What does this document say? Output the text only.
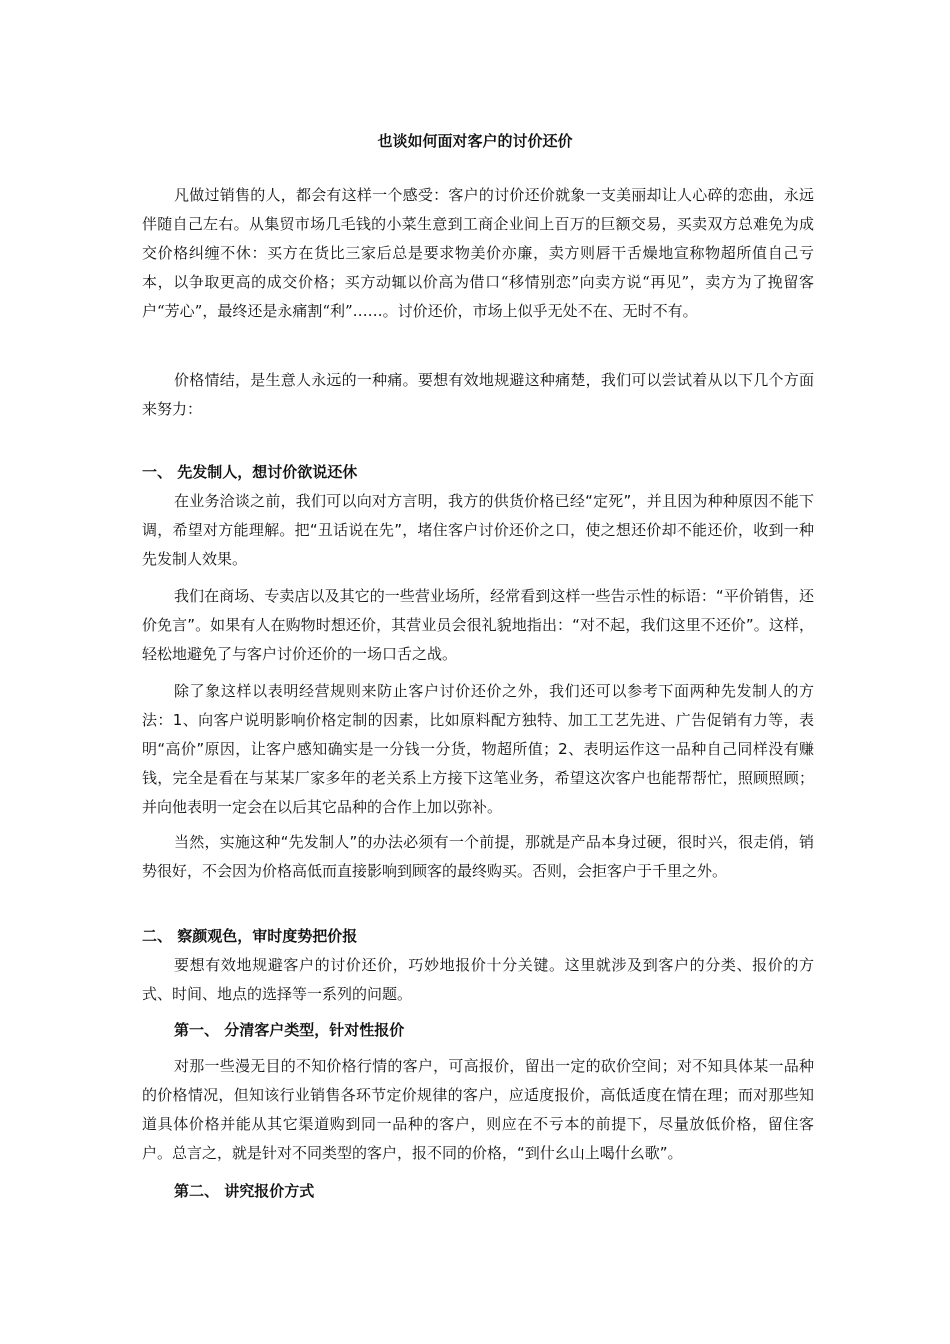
也谈如何面对客户的讨价还价

凡做过销售的人，都会有这样一个感受：客户的讨价还价就象一支美丽却让人心碎的恋曲，永远伴随自己左右。从集贸市场几毛钱的小菜生意到工商企业间上百万的巨额交易，买卖双方总难免为成交价格纠缠不休：买方在货比三家后总是要求物美价亦廉，卖方则唇干舌燥地宣称物超所值自己亏本，以争取更高的成交价格；买方动辄以价高为借口“移情别恋”向卖方说“再见”，卖方为了挽留客户“芳心”，最终还是永痛割“利”……。讨价还价，市场上似乎无处不在、无时不有。

价格情结，是生意人永远的一种痛。要想有效地规避这种痛楚，我们可以尝试着从以下几个方面来努力：

一、 先发制人，想讨价欲说还休

在业务洽谈之前，我们可以向对方言明，我方的供货价格已经“定死”，并且因为种种原因不能下调，希望对方能理解。把“丑话说在先”，堵住客户讨价还价之口，使之想还价却不能还价，收到一种先发制人效果。

我们在商场、专卖店以及其它的一些营业场所，经常看到这样一些告示性的标语：“平价销售，还价免言”。如果有人在购物时想还价，其营业员会很礼貌地指出：“对不起，我们这里不还价”。这样，轻松地避免了与客户讨价还价的一场口舌之战。

除了象这样以表明经营规则来防止客户讨价还价之外，我们还可以参考下面两种先发制人的方法：1、向客户说明影响价格定制的因素，比如原料配方独特、加工工艺先进、广告促销有力等，表明“高价”原因，让客户感知确实是一分钱一分货，物超所值；2、表明运作这一品种自己同样没有赚钱，完全是看在与某某厂家多年的老关系上方接下这笔业务，希望这次客户也能帮帮忙，照顾照顾；并向他表明一定会在以后其它品种的合作上加以弥补。

当然，实施这种“先发制人”的办法必须有一个前提，那就是产品本身过硬，很时兴，很走俏，销势很好，不会因为价格高低而直接影响到顾客的最终购买。否则，会拒客户于千里之外。

二、 察颜观色，审时度势把价报

要想有效地规避客户的讨价还价，巧妙地报价十分关键。这里就涉及到客户的分类、报价的方式、时间、地点的选择等一系列的问题。

第一、 分清客户类型，针对性报价

对那一些漫无目的不知价格行情的客户，可高报价，留出一定的砍价空间；对不知具体某一品种的价格情况，但知该行业销售各环节定价规律的客户，应适度报价，高低适度在情在理；而对那些知道具体价格并能从其它渠道购到同一品种的客户，则应在不亏本的前提下，尽量放低价格，留住客户。总言之，就是针对不同类型的客户，报不同的价格，“到什幺山上喝什幺歌”。

第二、 讲究报价方式
